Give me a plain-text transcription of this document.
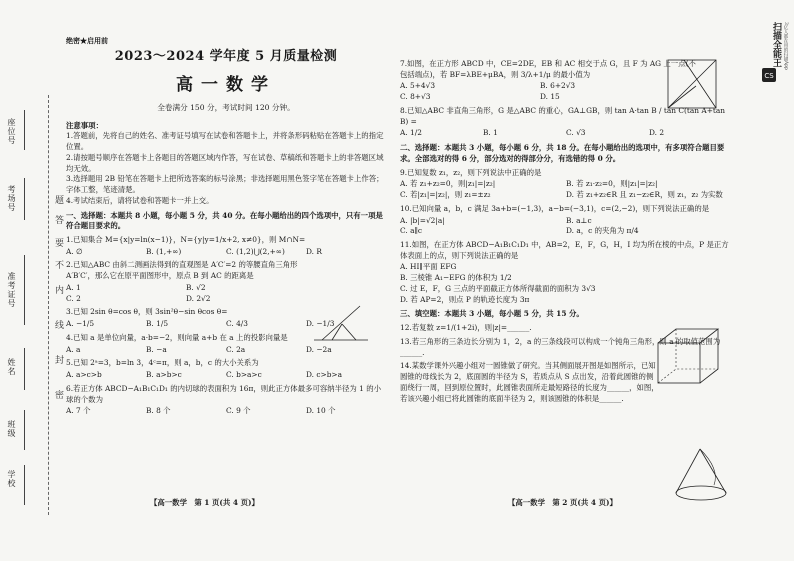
座位号
考场号
准考证号
姓名
班级
学校
题
答
要
不
内
线
封
密
CS
扫描全能王 3亿人都在用的扫描App
绝密★启用前
2023～2024 学年度 5 月质量检测
高一数学
全卷满分 150 分，考试时间 120 分钟。
注意事项：
1.答题前，先将自己的姓名、准考证号填写在试卷和答题卡上，并将条形码粘贴在答题卡上的指定位置。
2.请按题号顺序在答题卡上各题目的答题区域内作答，写在试卷、草稿纸和答题卡上的非答题区域均无效。
3.选择题用 2B 铅笔在答题卡上把所选答案的标号涂黑；非选择题用黑色签字笔在答题卡上作答；字体工整，笔迹清楚。
4.考试结束后，请将试卷和答题卡一并上交。
一、选择题：本题共 8 小题，每小题 5 分，共 40 分。在每小题给出的四个选项中，只有一项是符合题目要求的。
1.已知集合 M={x|y=ln(x−1)}，N={y|y=1/x+2, x≠0}，则 M∩N=
A. ∅	B. (1,+∞)	C. (1,2)⋃(2,+∞)	D. R
2.已知△ABC 由斜二测画法得到的直观图是 A′C′=2 的等腰直角三角形 A′B′C′，那么它在原平面图形中，原点 B 到 AC 的距离是
A. 1	B. √2
C. 2	D. 2√2
3.已知 2sin θ=cos θ，则 3sin²θ−sin θcos θ=
A. −1/5	B. 1/5	C. 4/3	D. −1/3
4.已知 a 是单位向量，a·b=−2，则向量 a+b 在 a 上的投影向量是
A. a	B. −a	C. 2a	D. −2a
5.已知 2ᵃ=3，b=ln 3，4ᶜ=π，则 a，b，c 的大小关系为
A. a>c>b	B. a>b>c	C. b>a>c	D. c>b>a
6.若正方体 ABCD−A₁B₁C₁D₁ 的内切球的表面积为 16π，则此正方体最多可容纳半径为 1 的小球的个数为
A. 7 个	B. 8 个	C. 9 个	D. 10 个
【高一数学　第 1 页(共 4 页)】
7.如图，在正方形 ABCD 中，CE=2DE，EB 和 AC 相交于点 G，且 F 为 AG 上一点(不包括端点)，若 BF=λBE+μBA，则 3/λ+1/μ 的最小值为
A. 5+4√3	B. 6+2√3
C. 8+√3	D. 15
8.已知△ABC 非直角三角形，G 是△ABC 的重心，GA⊥GB，则 tan A·tan B / tan C(tan A+tan B) =
A. 1/2	B. 1	C. √3	D. 2
二、选择题：本题共 3 小题，每小题 6 分，共 18 分。在每小题给出的选项中，有多项符合题目要求。全部选对的得 6 分，部分选对的得部分分，有选错的得 0 分。
9.已知复数 z₁，z₂，则下列说法中正确的是
A. 若 z₁+z₂=0，则|z₁|=|z₂|	B. 若 z₁·z₂=0，则|z₁|=|z₂|
C. 若|z₁|=|z₂|，则 z₁=±z₂	D. 若 z₁+z₂∈R 且 z₁−z₂∈R，则 z₁，z₂ 为实数
10.已知向量 a，b，c 满足 3a+b=(−1,3)，a−b=(−3,1)，c=(2,−2)，则下列说法正确的是
A. |b|=√2|a|	B. a⊥c
C. a∥c	D. a，c 的夹角为 π/4
11.如图，在正方体 ABCD−A₁B₁C₁D₁ 中，AB=2，E，F，G，H，I 均为所在棱的中点，P 是正方体表面上的点，则下列说法正确的是
A. HI∥平面 EFG
B. 三棱锥 A₁−EFG 的体积为 1/2
C. 过 E，F，G 三点的平面截正方体所得截面的面积为 3√3
D. 若 AP=2，则点 P 的轨迹长度为 3π
三、填空题：本题共 3 小题，每小题 5 分，共 15 分。
12.若复数 z=1/(1+2i)，则|z|=______.
13.若三角形的三条边长分别为 1，2，a 的三条线段可以构成一个钝角三角形，则 a 的取值范围为______.
14.某数学课外兴趣小组对一圆锥做了研究。当其侧面展开图是如图所示，已知圆锥的母线长为 2，底面圆的半径为 S，若质点从 S 点出发，沿着此圆锥的侧面绕行一周，回到原位置时，此圆锥表面所走最短路径的长度为______，如图，若该兴趣小组已将此圆锥的底面半径为 2，则该圆锥的体积是______.
【高一数学　第 2 页(共 4 页)】
